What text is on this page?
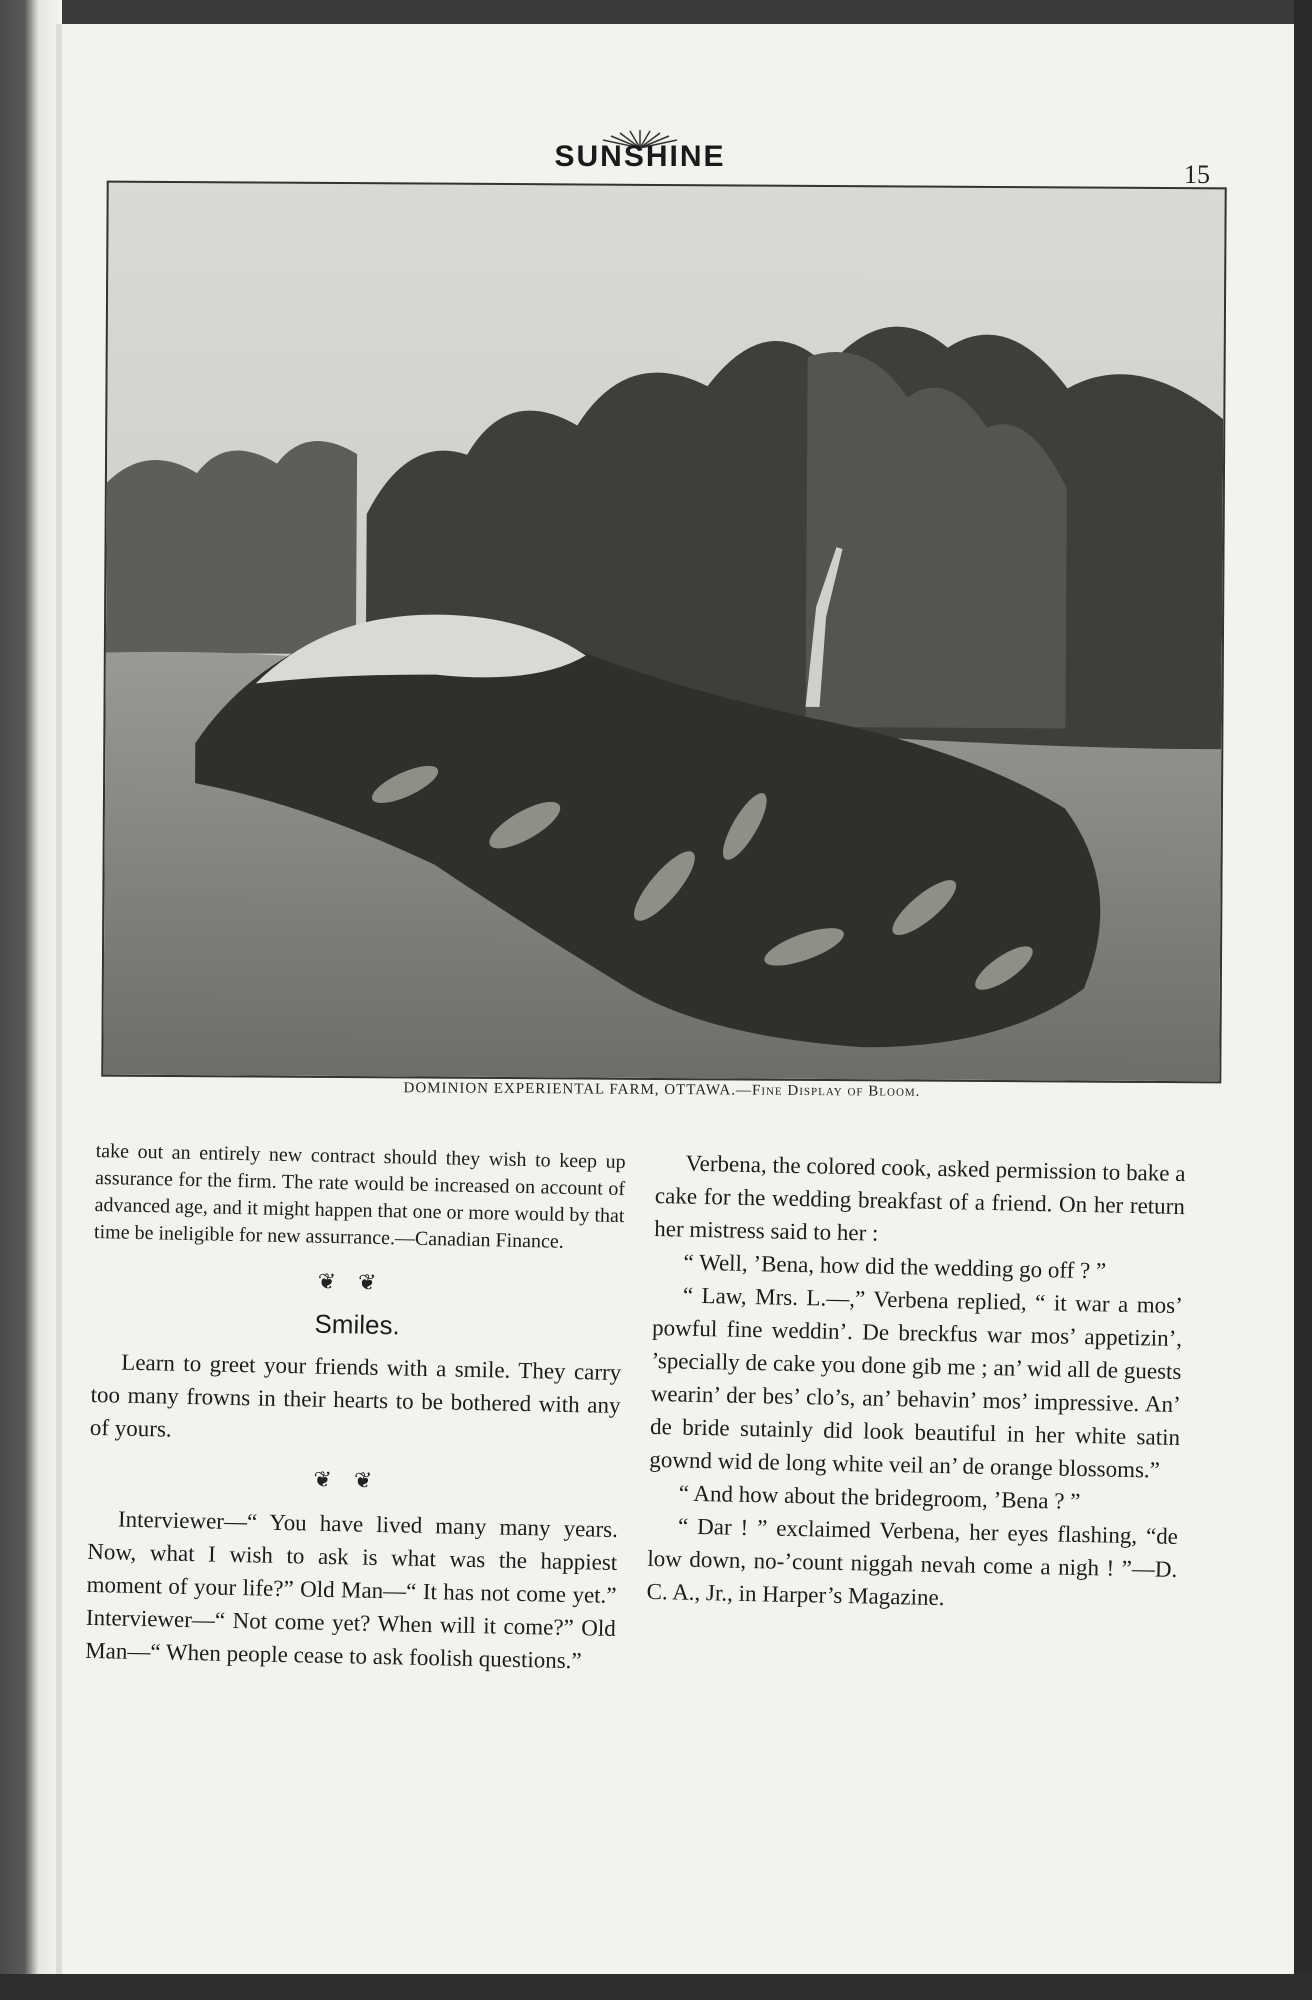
SUNSHINE
15
DOMINION EXPERIENTAL FARM, OTTAWA.—Fine Display of Bloom.

take out an entirely new contract should they wish to keep up assurance for the firm. The rate would be increased on account of advanced age, and it might happen that one or more would by that time be ineligible for new assurrance.—Canadian Finance.

❦❦
Smiles.

Learn to greet your friends with a smile. They carry too many frowns in their hearts to be bothered with any of yours.

❦❦

Interviewer—“ You have lived many many years. Now, what I wish to ask is what was the happiest moment of your life?” Old Man—“ It has not come yet.” Interviewer—“ Not come yet? When will it come?” Old Man—“ When people cease to ask foolish questions.”

Verbena, the colored cook, asked permission to bake a cake for the wedding breakfast of a friend. On her return her mistress said to her :

“ Well, ’Bena, how did the wedding go off ? ”

“ Law, Mrs. L.—,” Verbena replied, “ it war a mos’ powful fine weddin’. De breckfus war mos’ appetizin’, ’specially de cake you done gib me ; an’ wid all de guests wearin’ der bes’ clo’s, an’ behavin’ mos’ impressive. An’ de bride sutainly did look beautiful in her white satin gownd wid de long white veil an’ de orange blossoms.”

“ And how about the bridegroom, ’Bena ? ”

“ Dar ! ” exclaimed Verbena, her eyes flashing, “de low down, no-’count niggah nevah come a nigh ! ”—D. C. A., Jr., in Harper’s Magazine.
